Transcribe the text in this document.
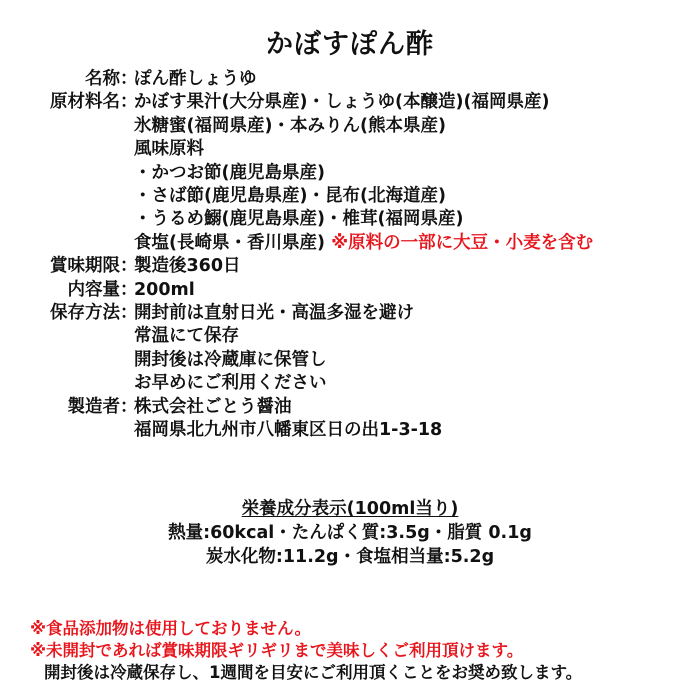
かぼすぽん酢
名称 ：
ぽん酢しょうゆ
原材料名 ：
かぼす果汁(大分県産)・しょうゆ(本醸造)(福岡県産)
氷糖蜜(福岡県産)・本みりん(熊本県産)
風味原料
・かつお節(鹿児島県産)
・さば節(鹿児島県産)・昆布(北海道産)
・うるめ鰯(鹿児島県産)・椎茸(福岡県産)
食塩(長崎県・香川県産) ※原料の一部に大豆・小麦を含む
賞味期限 ：
製造後360日
内容量 ：
200ml
保存方法 ：
開封前は直射日光・高温多湿を避け
常温にて保存
開封後は冷蔵庫に保管し
お早めにご利用ください
製造者 ：
株式会社ごとう醤油
福岡県北九州市八幡東区日の出1-3-18
栄養成分表示(100ml当り)
熱量:60kcal・たんぱく質:3.5g・脂質 0.1g
炭水化物:11.2g・食塩相当量:5.2g
※食品添加物は使用しておりません。
※未開封であれば賞味期限ギリギリまで美味しくご利用頂けます。
開封後は冷蔵保存し、1週間を目安にご利用頂くことをお奨め致します。
